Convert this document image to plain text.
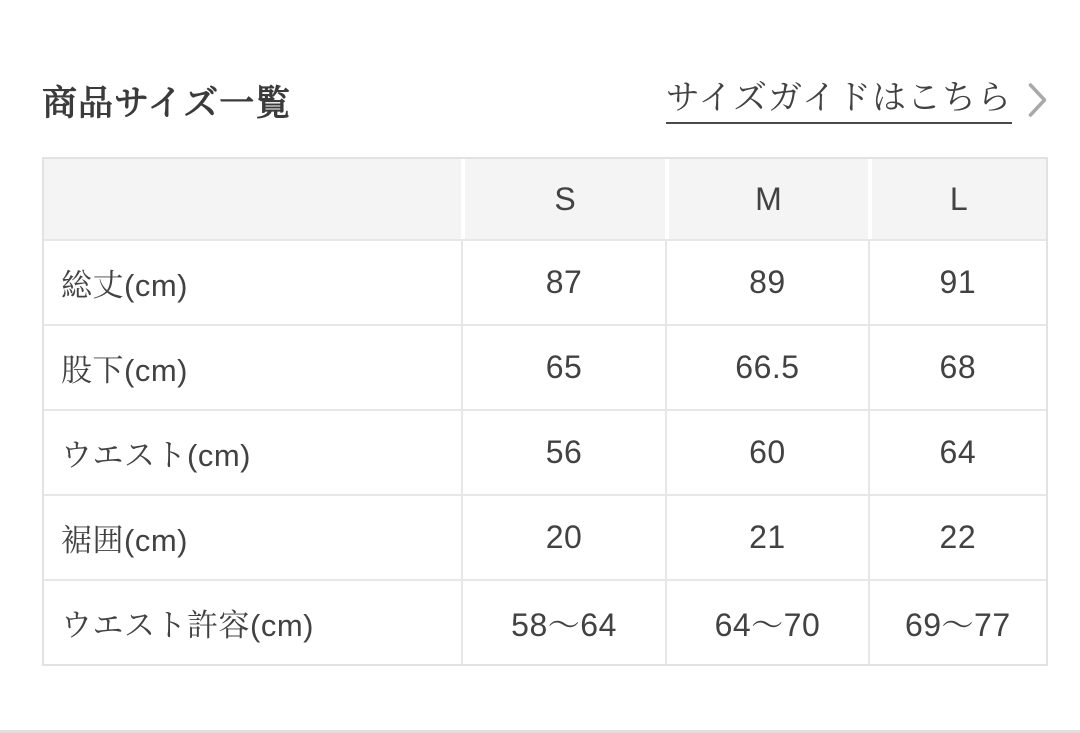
商品サイズ一覧	サイズガイドはこちら
	S	M	L
総丈(cm)	87	89	91
股下(cm)	65	66.5	68
ウエスト(cm)	56	60	64
裾囲(cm)	20	21	22
ウエスト許容(cm)	58〜64	64〜70	69〜77
